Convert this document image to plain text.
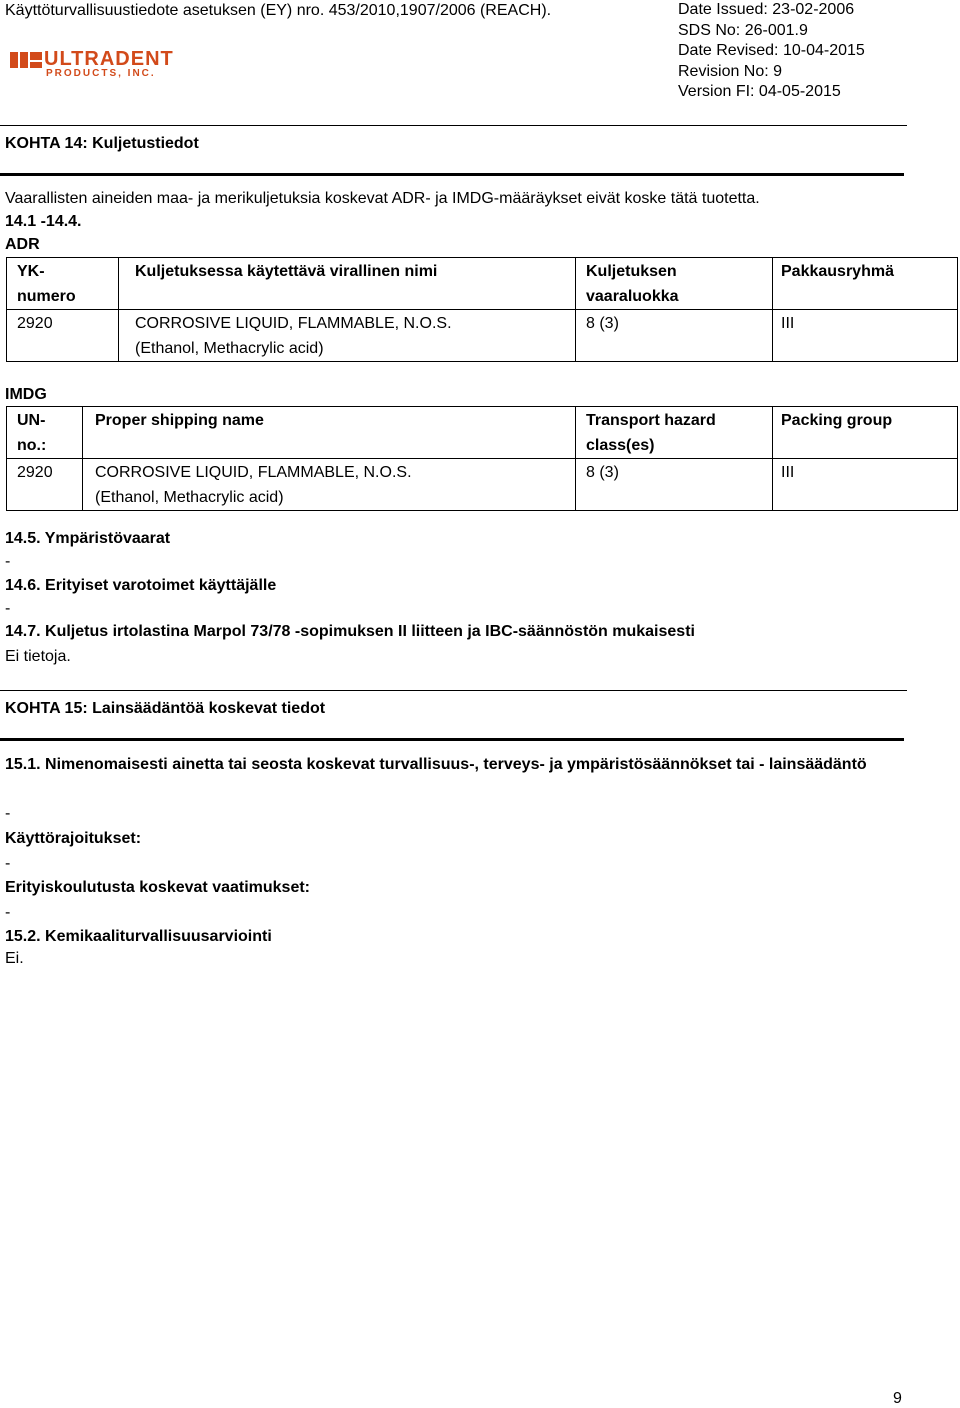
Käyttöturvallisuustiedote asetuksen (EY) nro. 453/2010,1907/2006 (REACH).	Date Issued: 23-02-2006
SDS No: 26-001.9
Date Revised: 10-04-2015
Revision No: 9
Version FI: 04-05-2015
ULTRADENT
PRODUCTS, INC.
KOHTA 14: Kuljetustiedot
Vaarallisten aineiden maa- ja merikuljetuksia koskevat ADR- ja IMDG-määräykset eivät koske tätä tuotetta.
14.1 -14.4.
ADR
YK-numero	Kuljetuksessa käytettävä virallinen nimi	Kuljetuksen vaaraluokka	Pakkausryhmä

2920	CORROSIVE LIQUID, FLAMMABLE, N.O.S. (Ethanol, Methacrylic acid)	8 (3)	III
IMDG
UN-no.:	Proper shipping name	Transport hazard class(es)	Packing group

2920	CORROSIVE LIQUID, FLAMMABLE, N.O.S. (Ethanol, Methacrylic acid)	8 (3)	III
14.5. Ympäristövaarat
-
14.6. Erityiset varotoimet käyttäjälle
-
14.7. Kuljetus irtolastina Marpol 73/78 -sopimuksen II liitteen ja IBC-säännöstön mukaisesti
Ei tietoja.
KOHTA 15: Lainsäädäntöä koskevat tiedot
15.1. Nimenomaisesti ainetta tai seosta koskevat turvallisuus-, terveys- ja ympäristösäännökset tai - lainsäädäntö
-
Käyttörajoitukset:
-
Erityiskoulutusta koskevat vaatimukset:
-
15.2. Kemikaaliturvallisuusarviointi
Ei.
9
